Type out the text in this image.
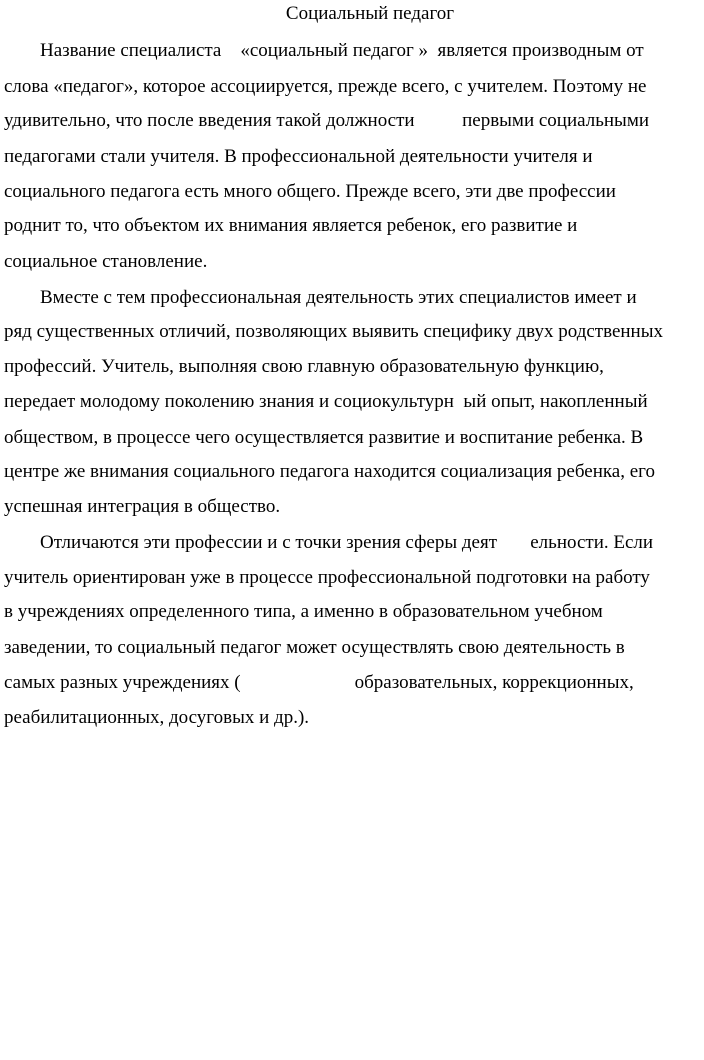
Социальный педагог

Название специалиста    «социальный педагог »  является производным от

слова «педагог», которое ассоциируется, прежде всего, с учителем. Поэтому не

удивительно, что после введения такой должности          первыми социальными

педагогами стали учителя. В профессиональной деятельности учителя и

социального педагога есть много общего. Прежде всего, эти две профессии

роднит то, что объектом их внимания является ребенок, его развитие и

социальное становление.

Вместе с тем профессиональная деятельность этих специалистов имеет и

ряд существенных отличий, позволяющих выявить специфику двух родственных

профессий. Учитель, выполняя свою главную образовательную функцию,

передает молодому поколению знания и социокультурн  ый опыт, накопленный

обществом, в процессе чего осуществляется развитие и воспитание ребенка. В

центре же внимания социального педагога находится социализация ребенка, его

успешная интеграция в общество.

Отличаются эти профессии и с точки зрения сферы деят       ельности. Если

учитель ориентирован уже в процессе профессиональной подготовки на работу

в учреждениях определенного типа, а именно в образовательном учебном

заведении, то социальный педагог может осуществлять свою деятельность в

самых разных учреждениях (                        образовательных, коррекционных,

реабилитационных, досуговых и др.).
